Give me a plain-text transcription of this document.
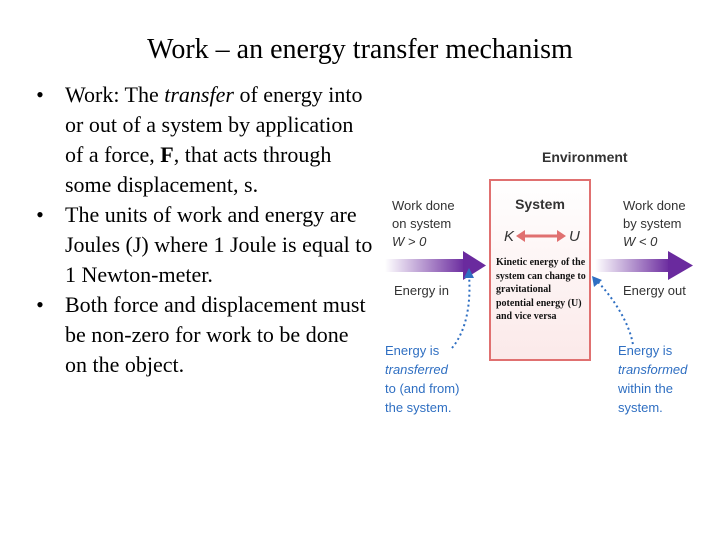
Work – an energy transfer mechanism
• Work: The transfer of energy into or out of a system by application of a force, F, that acts through some displacement, s.
• The units of work and energy are Joules (J) where 1 Joule is equal to 1 Newton-meter.
• Both force and displacement must be non-zero for work to be done on the object.
Environment
System
K	U
Work done on system W > 0
Work done by system W < 0
Energy in	Energy out
Energy is transferred to (and from) the system.
Energy is transformed within the system.

Kinetic energy of the system can change to gravitational potential energy (U) and vice versa
